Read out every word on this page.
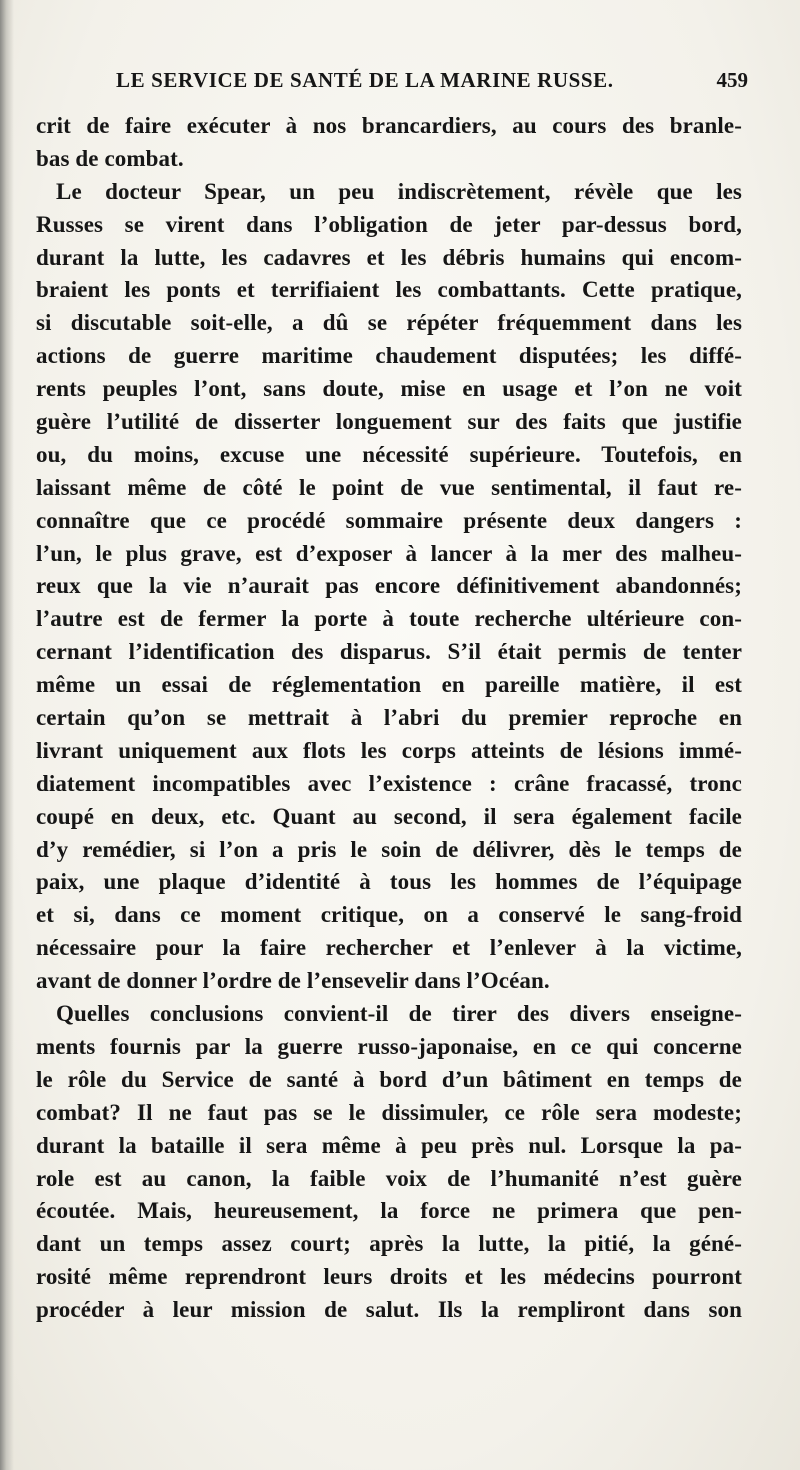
LE SERVICE DE SANTÉ DE LA MARINE RUSSE.	459
crit de faire exécuter à nos brancardiers, au cours des branle-
bas de combat.
Le docteur Spear, un peu indiscrètement, révèle que les
Russes se virent dans l’obligation de jeter par-dessus bord,
durant la lutte, les cadavres et les débris humains qui encom-
braient les ponts et terrifiaient les combattants. Cette pratique,
si discutable soit-elle, a dû se répéter fréquemment dans les
actions de guerre maritime chaudement disputées; les diffé-
rents peuples l’ont, sans doute, mise en usage et l’on ne voit
guère l’utilité de disserter longuement sur des faits que justifie
ou, du moins, excuse une nécessité supérieure. Toutefois, en
laissant même de côté le point de vue sentimental, il faut re-
connaître que ce procédé sommaire présente deux dangers :
l’un, le plus grave, est d’exposer à lancer à la mer des malheu-
reux que la vie n’aurait pas encore définitivement abandonnés;
l’autre est de fermer la porte à toute recherche ultérieure con-
cernant l’identification des disparus. S’il était permis de tenter
même un essai de réglementation en pareille matière, il est
certain qu’on se mettrait à l’abri du premier reproche en
livrant uniquement aux flots les corps atteints de lésions immé-
diatement incompatibles avec l’existence : crâne fracassé, tronc
coupé en deux, etc. Quant au second, il sera également facile
d’y remédier, si l’on a pris le soin de délivrer, dès le temps de
paix, une plaque d’identité à tous les hommes de l’équipage
et si, dans ce moment critique, on a conservé le sang-froid
nécessaire pour la faire rechercher et l’enlever à la victime,
avant de donner l’ordre de l’ensevelir dans l’Océan.
Quelles conclusions convient-il de tirer des divers enseigne-
ments fournis par la guerre russo-japonaise, en ce qui concerne
le rôle du Service de santé à bord d’un bâtiment en temps de
combat? Il ne faut pas se le dissimuler, ce rôle sera modeste;
durant la bataille il sera même à peu près nul. Lorsque la pa-
role est au canon, la faible voix de l’humanité n’est guère
écoutée. Mais, heureusement, la force ne primera que pen-
dant un temps assez court; après la lutte, la pitié, la géné-
rosité même reprendront leurs droits et les médecins pourront
procéder à leur mission de salut. Ils la rempliront dans son
